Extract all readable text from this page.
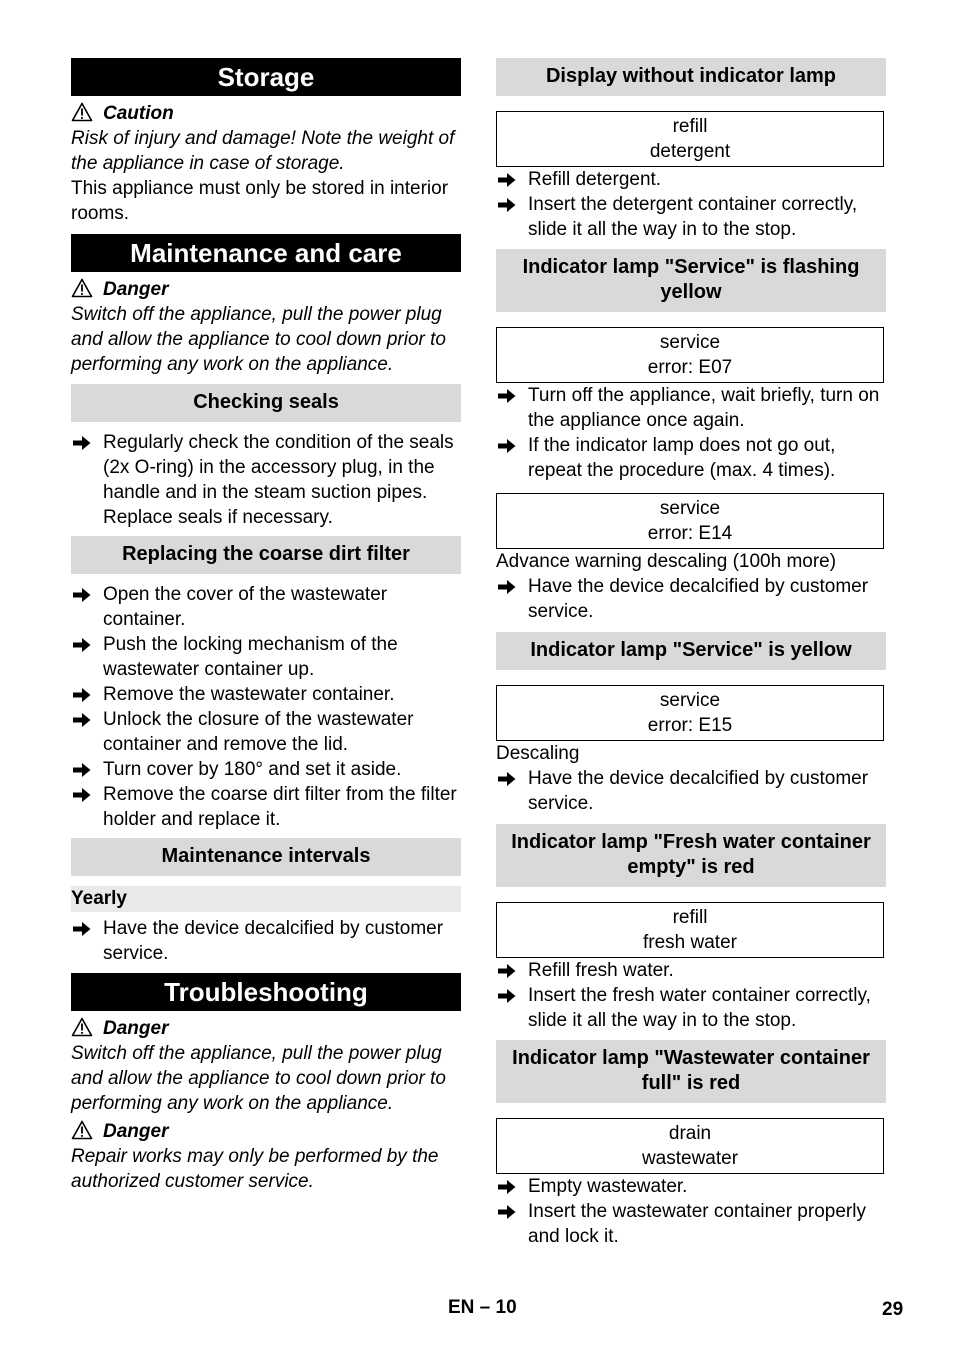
Storage
Caution

Risk of injury and damage! Note the weight of the appliance in case of storage.

This appliance must only be stored in interior rooms.

Maintenance and care
Danger

Switch off the appliance, pull the power plug and allow the appliance to cool down prior to performing any work on the appliance.

Checking seals
Regularly check the condition of the seals (2x O-ring) in the accessory plug, in the handle and in the steam suction pipes. Replace seals if necessary.
Replacing the coarse dirt filter
Open the cover of the wastewater container.
Push the locking mechanism of the wastewater container up.
Remove the wastewater container.
Unlock the closure of the wastewater container and remove the lid.
Turn cover by 180° and set it aside.
Remove the coarse dirt filter from the filter holder and replace it.
Maintenance intervals
Yearly
Have the device decalcified by customer service.
Troubleshooting
Danger

Switch off the appliance, pull the power plug and allow the appliance to cool down prior to performing any work on the appliance.

Danger

Repair works may only be performed by the authorized customer service.

Display without indicator lamp
refill
detergent
Refill detergent.
Insert the detergent container correctly, slide it all the way in to the stop.
Indicator lamp "Service" is flashing yellow
service
error: E07
Turn off the appliance, wait briefly, turn on the appliance once again.
If the indicator lamp does not go out, repeat the procedure (max. 4 times).
service
error: E14

Advance warning descaling (100h more)

Have the device decalcified by customer service.
Indicator lamp "Service" is yellow
service
error: E15

Descaling

Have the device decalcified by customer service.
Indicator lamp "Fresh water container empty" is red
refill
fresh water
Refill fresh water.
Insert the fresh water container correctly, slide it all the way in to the stop.
Indicator lamp "Wastewater container full" is red
drain
wastewater
Empty wastewater.
Insert the wastewater container properly and lock it.
EN – 10	29
